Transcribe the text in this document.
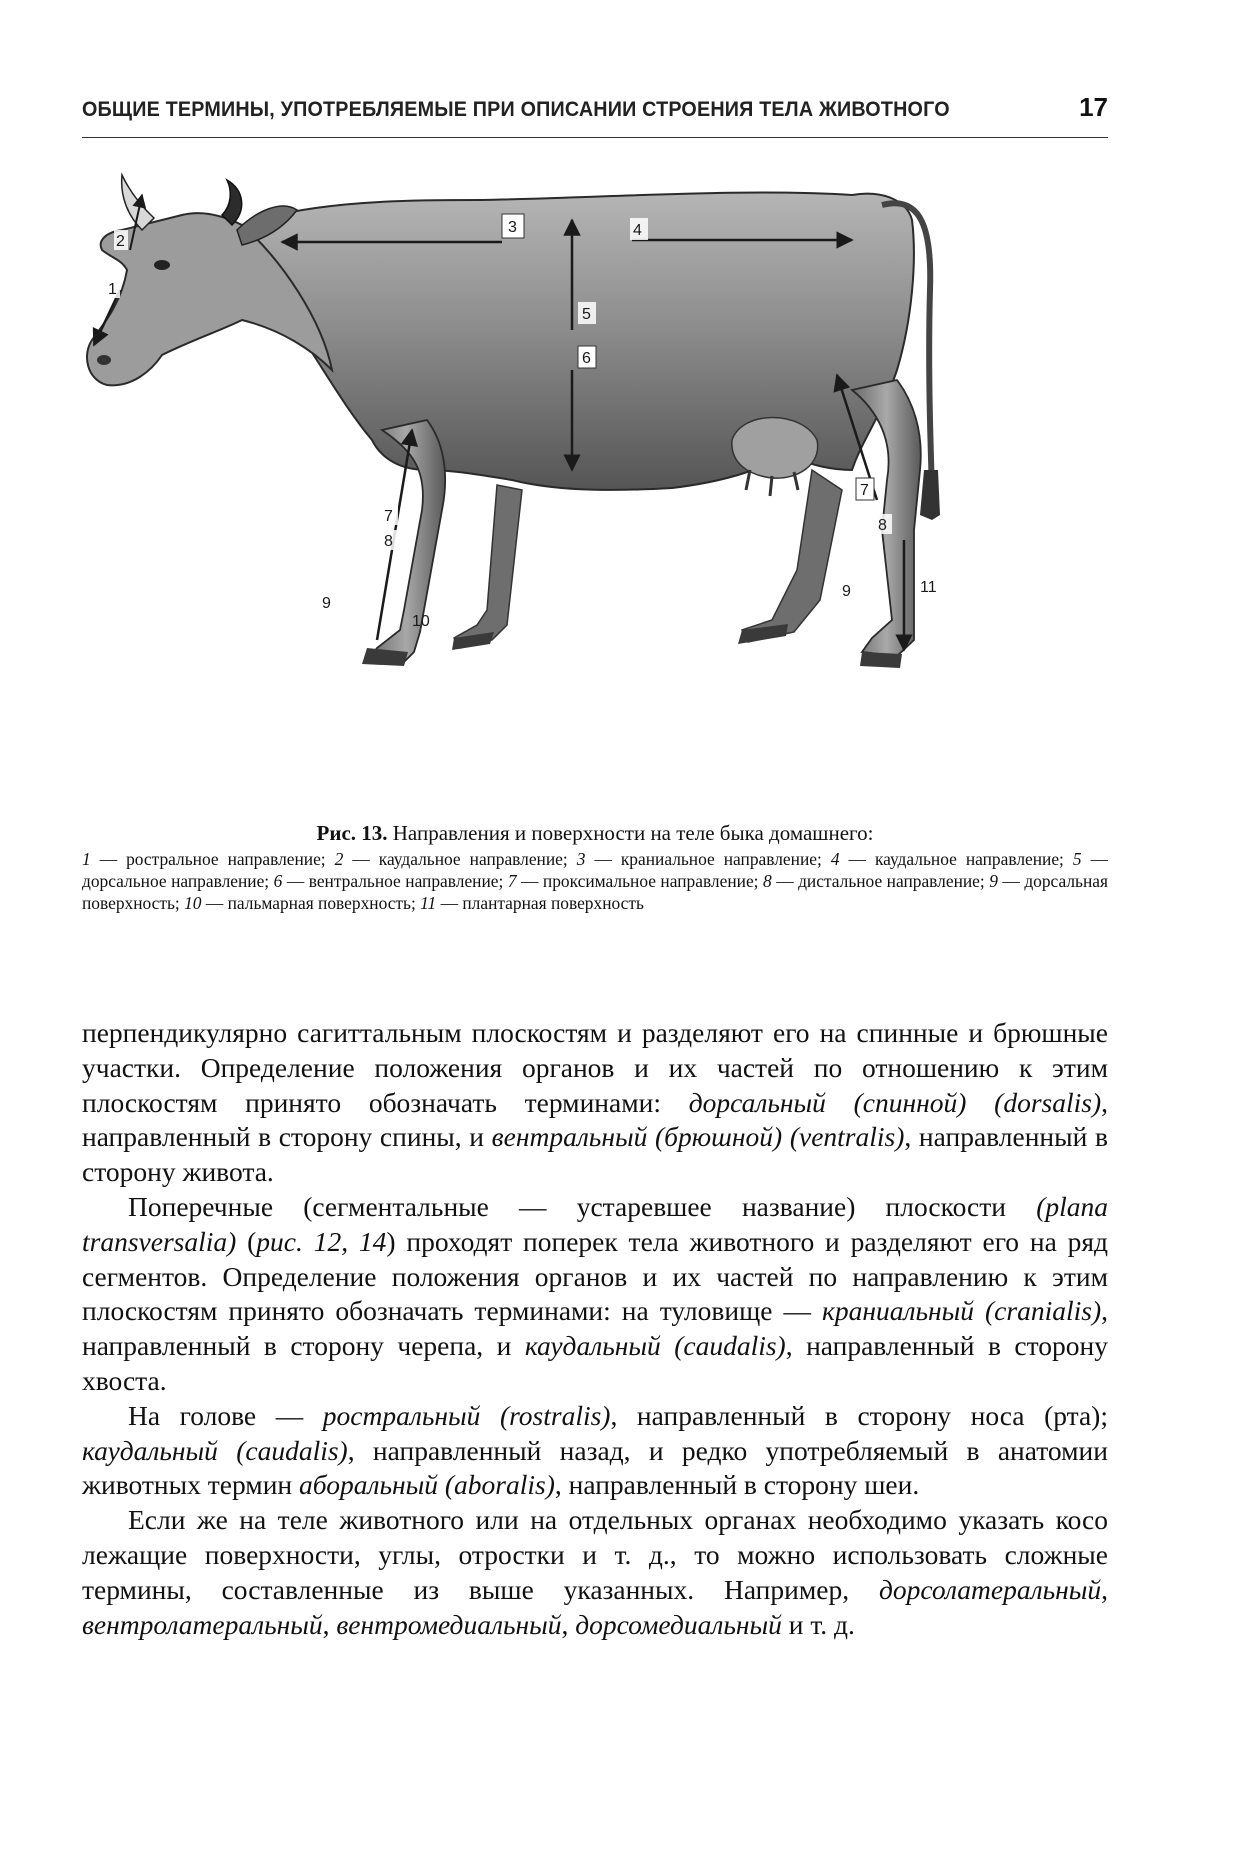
ОБЩИЕ ТЕРМИНЫ, УПОТРЕБЛЯЕМЫЕ ПРИ ОПИСАНИИ СТРОЕНИЯ ТЕЛА ЖИВОТНОГО	17
1
2
3	4
5
6
7
7
8
8
9
10
9	11
Рис. 13. Направления и поверхности на теле быка домашнего:
1 — ростральное направление; 2 — каудальное направление; 3 — краниальное направление; 4 — каудальное направление; 5 — дорсальное направление; 6 — вентральное направление; 7 — проксимальное направление; 8 — дистальное направление; 9 — дорсальная поверхность; 10 — пальмарная поверхность; 11 — плантарная поверхность

перпендикулярно сагиттальным плоскостям и разделяют его на спинные и брюшные участки. Определение положения органов и их частей по отношению к этим плоскостям принято обозначать терминами: дорсальный (спинной) (dorsalis), направленный в сторону спины, и вентральный (брюшной) (ventralis), направленный в сторону живота.

Поперечные (сегментальные — устаревшее название) плоскости (plana transversalia) (рис. 12, 14) проходят поперек тела животного и разделяют его на ряд сегментов. Определение положения органов и их частей по направлению к этим плоскостям принято обозначать терминами: на туловище — краниальный (cranialis), направленный в сторону черепа, и каудальный (caudalis), направленный в сторону хвоста.

На голове — ростральный (rostralis), направленный в сторону носа (рта); каудальный (caudalis), направленный назад, и редко употребляемый в анатомии животных термин аборальный (aboralis), направленный в сторону шеи.

Если же на теле животного или на отдельных органах необходимо указать косо лежащие поверхности, углы, отростки и т. д., то можно использовать сложные термины, составленные из выше указанных. Например, дорсолатеральный, вентролатеральный, вентромедиальный, дорсомедиальный и т. д.
